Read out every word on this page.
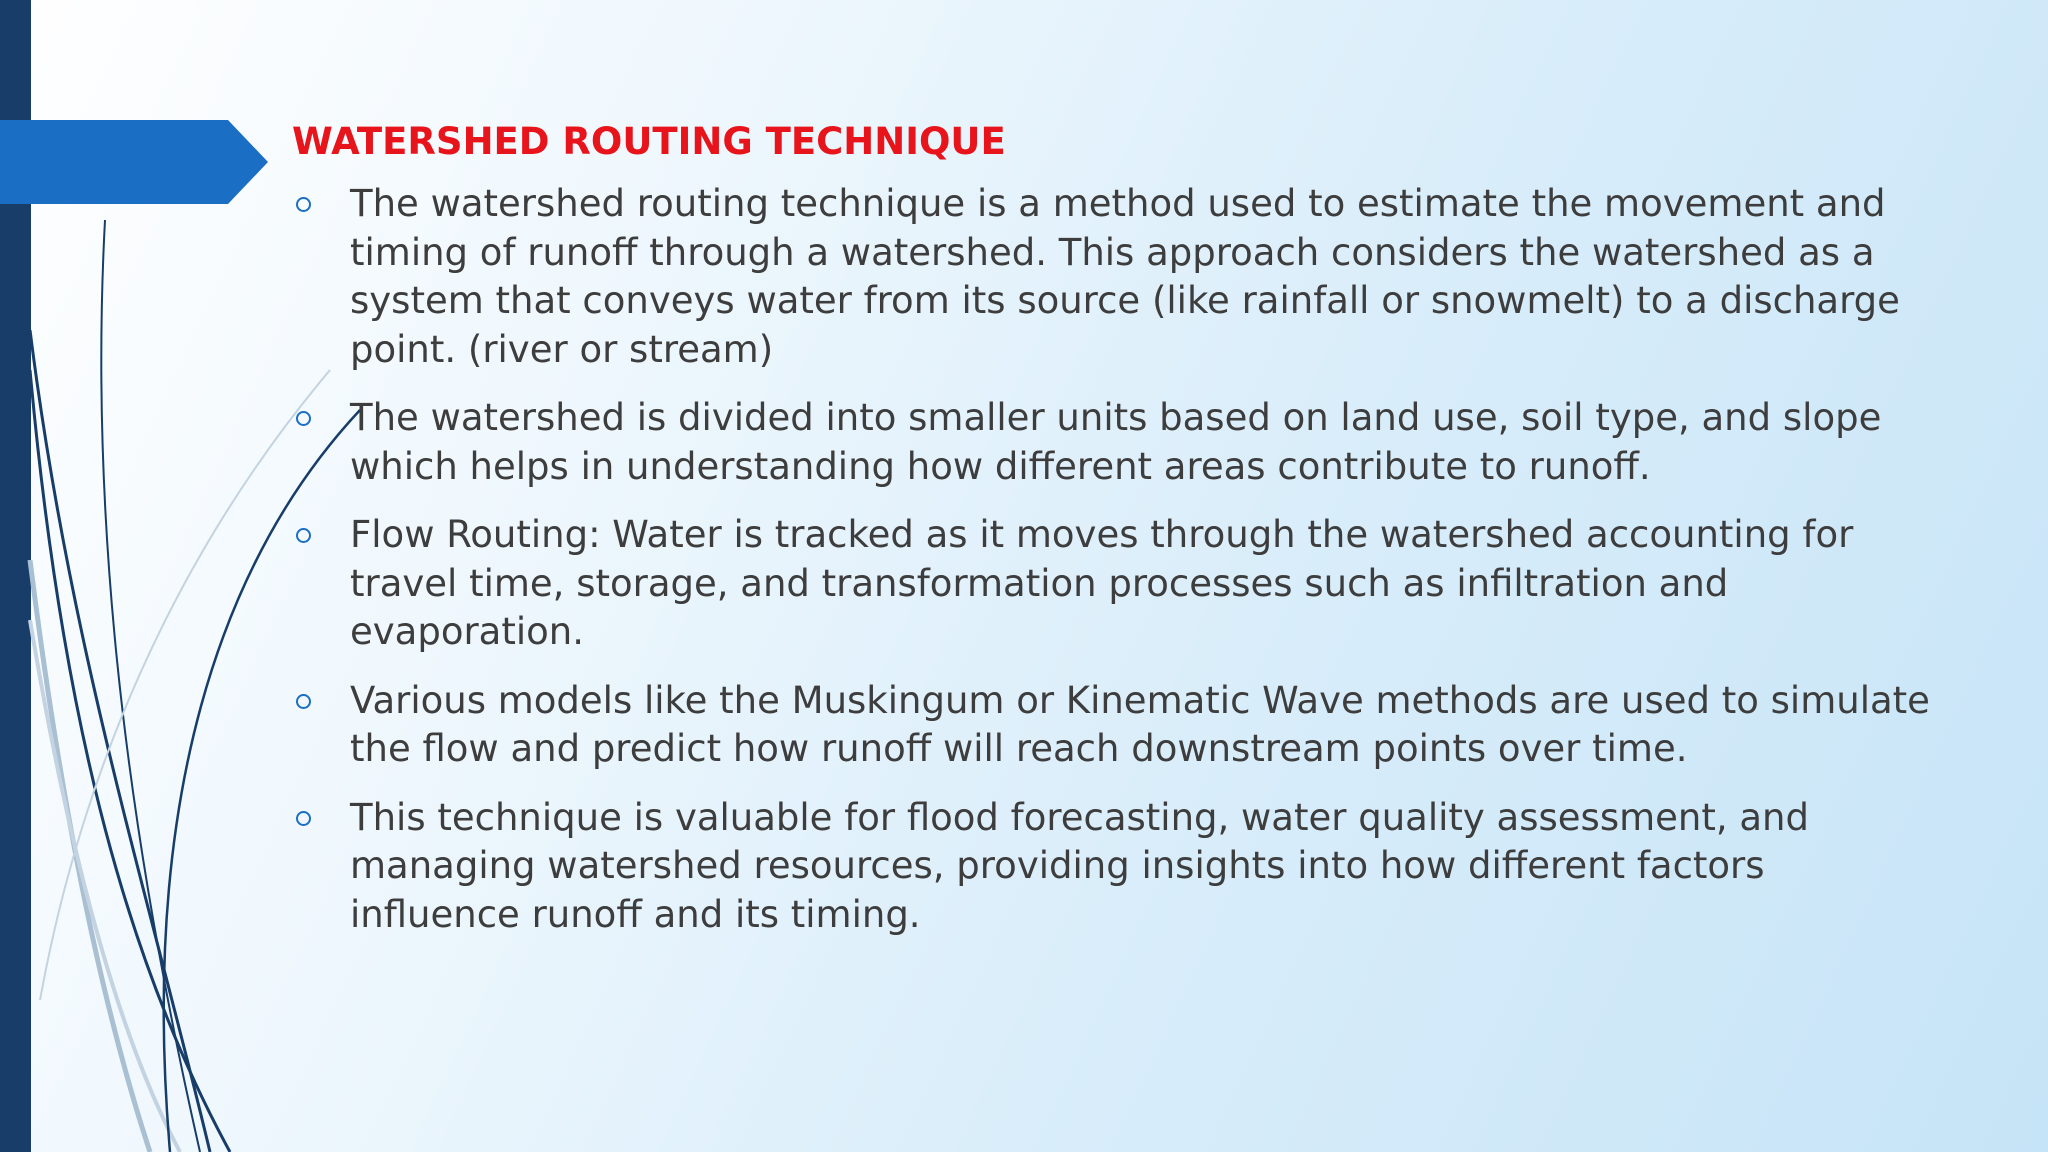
WATERSHED ROUTING TECHNIQUE
The watershed routing technique is a method used to estimate the movement and timing of runoff through a watershed. This approach considers the watershed as a system that conveys water from its source (like rainfall or snowmelt) to a discharge point. (river or stream)
The watershed is divided into smaller units based on land use, soil type, and slope which helps in understanding how different areas contribute to runoff.
Flow Routing: Water is tracked as it moves through the watershed accounting for travel time, storage, and transformation processes such as infiltration and evaporation.
Various models like the Muskingum or Kinematic Wave methods are used to simulate the flow and predict how runoff will reach downstream points over time.
This technique is valuable for flood forecasting, water quality assessment, and managing watershed resources, providing insights into how different factors influence runoff and its timing.
